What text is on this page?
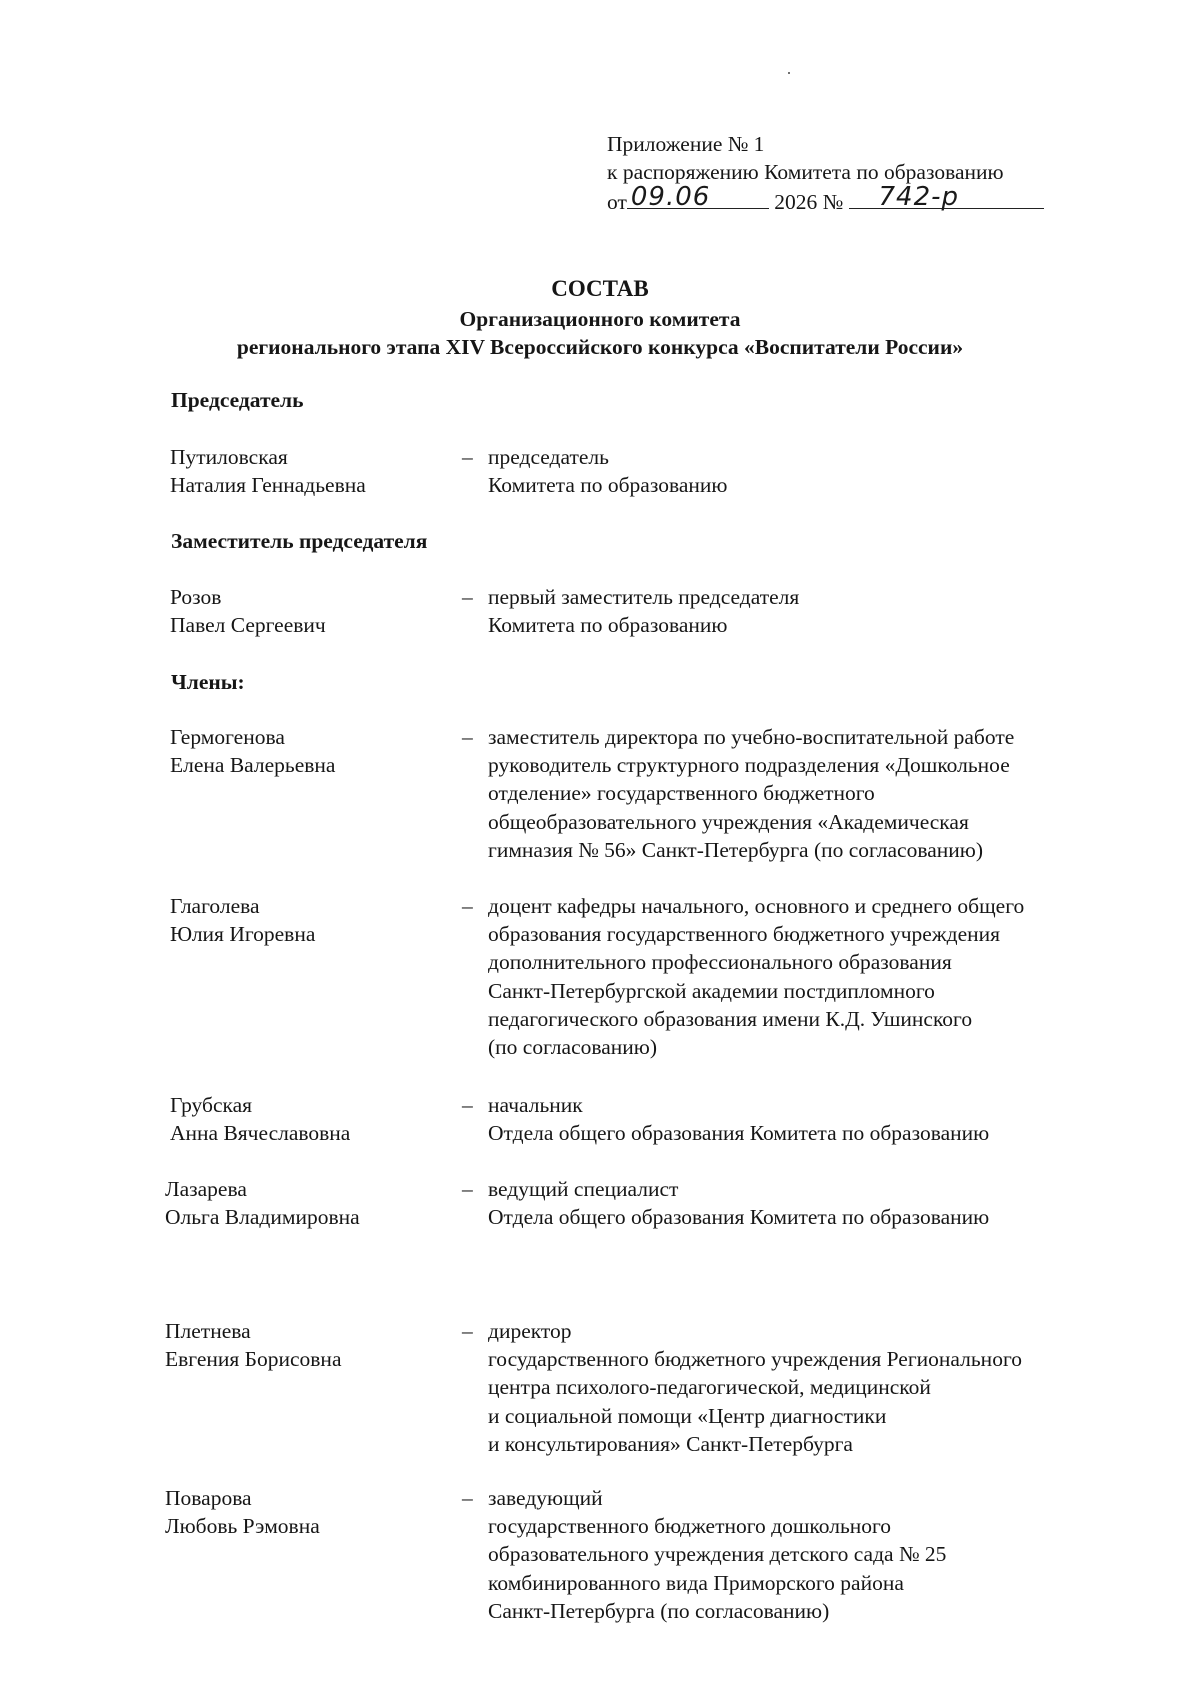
Приложение № 1
к распоряжению Комитета по образованию
от 09.06	2026 № 742-р
СОСТАВ
Организационного комитета
регионального этапа XIV Всероссийского конкурса «Воспитатели России»
Председатель
Заместитель председателя
Члены:
Путиловская
Наталия Геннадьевна
– председатель
Комитета по образованию
Розов
Павел Сергеевич
– первый заместитель председателя
Комитета по образованию
Гермогенова
Елена Валерьевна
– заместитель директора по учебно-воспитательной работе
руководитель структурного подразделения «Дошкольное
отделение» государственного бюджетного
общеобразовательного учреждения «Академическая
гимназия № 56» Санкт-Петербурга (по согласованию)
Глаголева
Юлия Игоревна
– доцент кафедры начального, основного и среднего общего
образования государственного бюджетного учреждения
дополнительного профессионального образования
Санкт-Петербургской академии постдипломного
педагогического образования имени К.Д. Ушинского
(по согласованию)
Грубская
Анна Вячеславовна
– начальник
Отдела общего образования Комитета по образованию
Лазарева
Ольга Владимировна
– ведущий специалист
Отдела общего образования Комитета по образованию
Плетнева
Евгения Борисовна
– директор
государственного бюджетного учреждения Регионального
центра психолого-педагогической, медицинской
и социальной помощи «Центр диагностики
и консультирования» Санкт-Петербурга
Поварова
Любовь Рэмовна
– заведующий
государственного бюджетного дошкольного
образовательного учреждения детского сада № 25
комбинированного вида Приморского района
Санкт-Петербурга (по согласованию)
